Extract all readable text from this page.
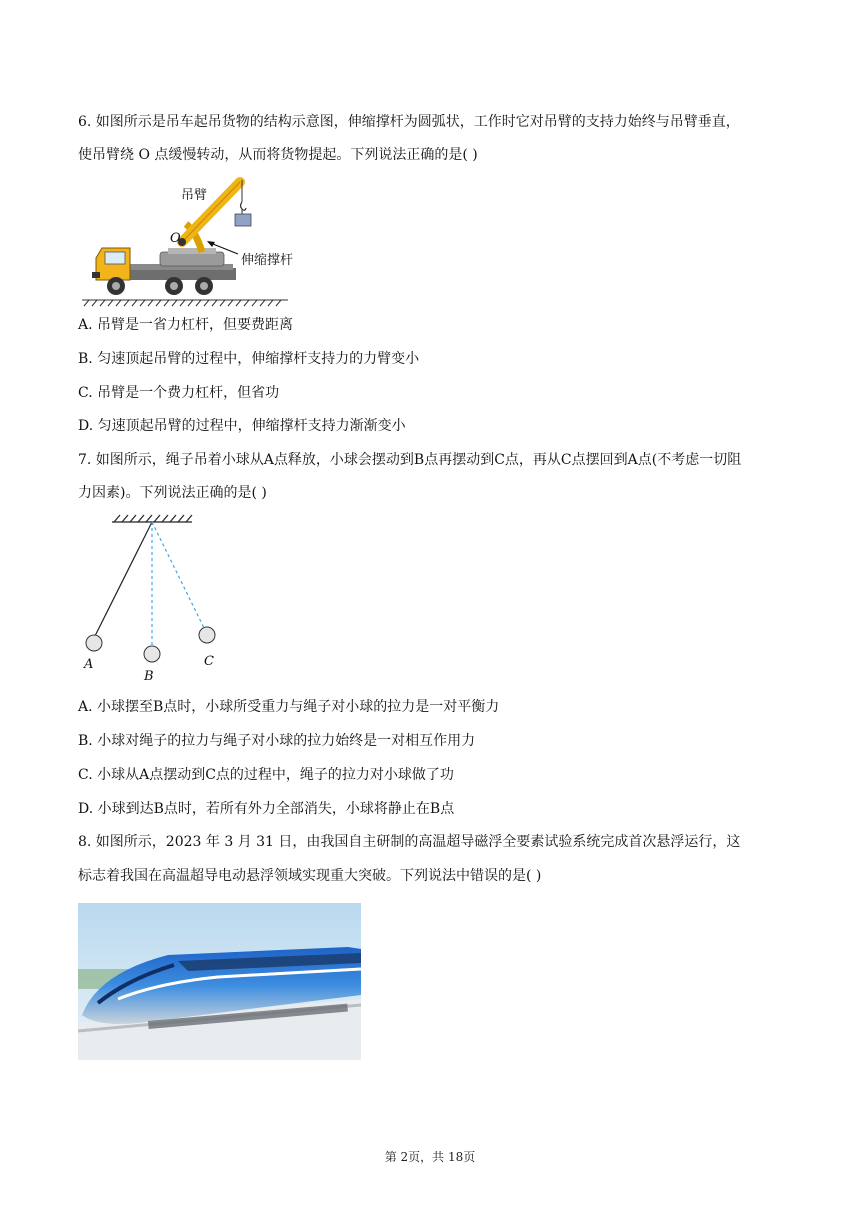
6. 如图所示是吊车起吊货物的结构示意图，伸缩撑杆为圆弧状，工作时它对吊臂的支持力始终与吊臂垂直，
使吊臂绕 O 点缓慢转动，从而将货物提起。下列说法正确的是( )
吊臂
O
伸缩撑杆
A. 吊臂是一省力杠杆，但要费距离
B. 匀速顶起吊臂的过程中，伸缩撑杆支持力的力臂变小
C. 吊臂是一个费力杠杆，但省功
D. 匀速顶起吊臂的过程中，伸缩撑杆支持力渐渐变小
7. 如图所示，绳子吊着小球从A点释放，小球会摆动到B点再摆动到C点，再从C点摆回到A点(不考虑一切阻
力因素)。下列说法正确的是( )
A
B
C
A. 小球摆至B点时，小球所受重力与绳子对小球的拉力是一对平衡力
B. 小球对绳子的拉力与绳子对小球的拉力始终是一对相互作用力
C. 小球从A点摆动到C点的过程中，绳子的拉力对小球做了功
D. 小球到达B点时，若所有外力全部消失，小球将静止在B点
8. 如图所示，2023 年 3 月 31 日，由我国自主研制的高温超导磁浮全要素试验系统完成首次悬浮运行，这
标志着我国在高温超导电动悬浮领域实现重大突破。下列说法中错误的是( )
第 2页，共 18页
